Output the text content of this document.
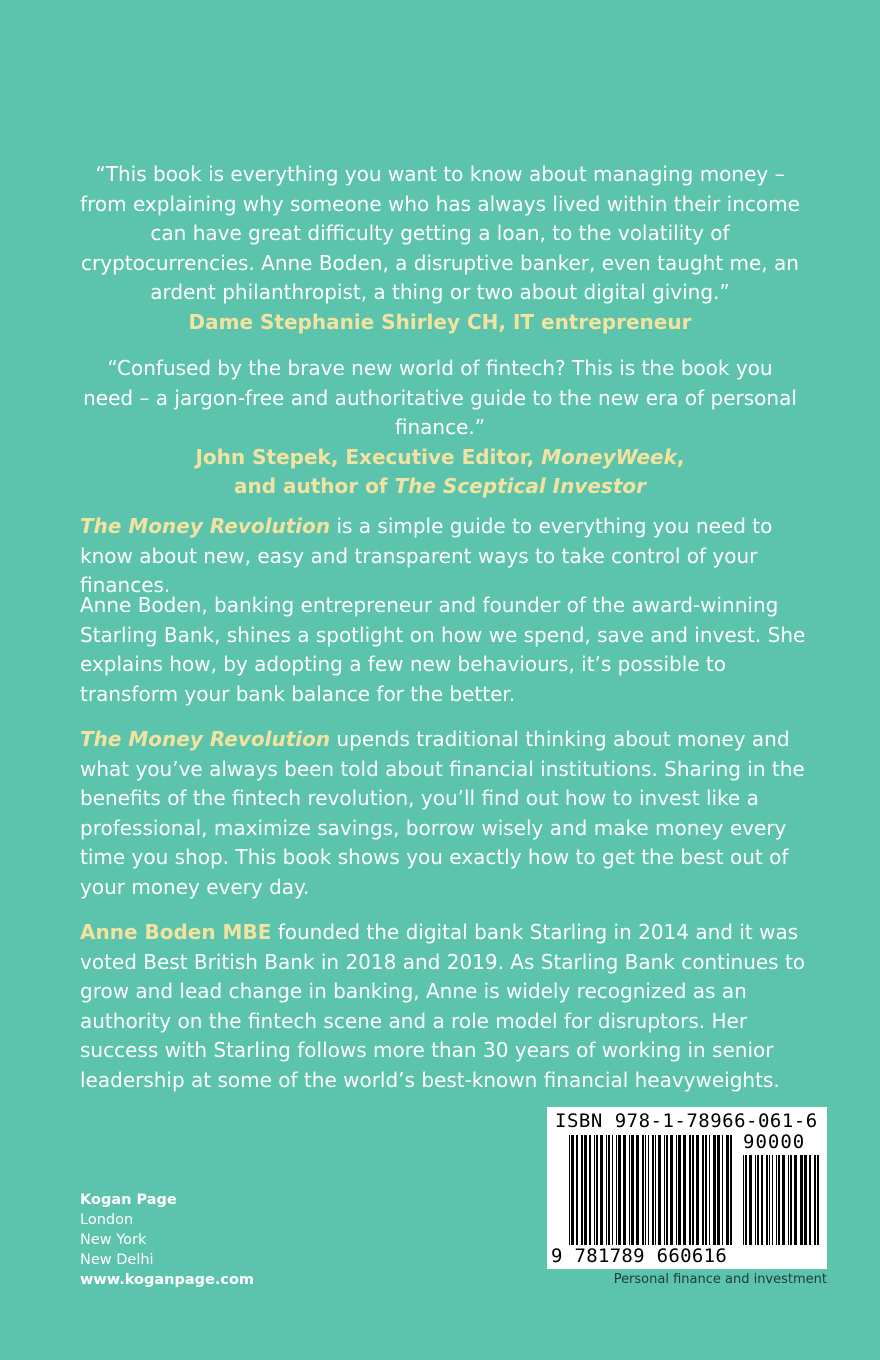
“This book is everything you want to know about managing money – from explaining why someone who has always lived within their income can have great difficulty getting a loan, to the volatility of cryptocurrencies. Anne Boden, a disruptive banker, even taught me, an ardent philanthropist, a thing or two about digital giving.”
Dame Stephanie Shirley CH, IT entrepreneur
“Confused by the brave new world of fintech? This is the book you need – a jargon-free and authoritative guide to the new era of personal finance.”
John Stepek, Executive Editor, MoneyWeek,
and author of The Sceptical Investor

The Money Revolution is a simple guide to everything you need to know about new, easy and transparent ways to take control of your finances.

Anne Boden, banking entrepreneur and founder of the award-winning Starling Bank, shines a spotlight on how we spend, save and invest. She explains how, by adopting a few new behaviours, it’s possible to transform your bank balance for the better.

The Money Revolution upends traditional thinking about money and what you’ve always been told about financial institutions. Sharing in the benefits of the fintech revolution, you’ll find out how to invest like a professional, maximize savings, borrow wisely and make money every time you shop. This book shows you exactly how to get the best out of your money every day.

Anne Boden MBE founded the digital bank Starling in 2014 and it was voted Best British Bank in 2018 and 2019. As Starling Bank continues to grow and lead change in banking, Anne is widely recognized as an authority on the fintech scene and a role model for disruptors. Her success with Starling follows more than 30 years of working in senior leadership at some of the world’s best-known financial heavyweights.

Kogan Page
London
New York
New Delhi
www.koganpage.com
ISBN 978-1-78966-061-6
90000
9 781789 660616
Personal finance and investment
